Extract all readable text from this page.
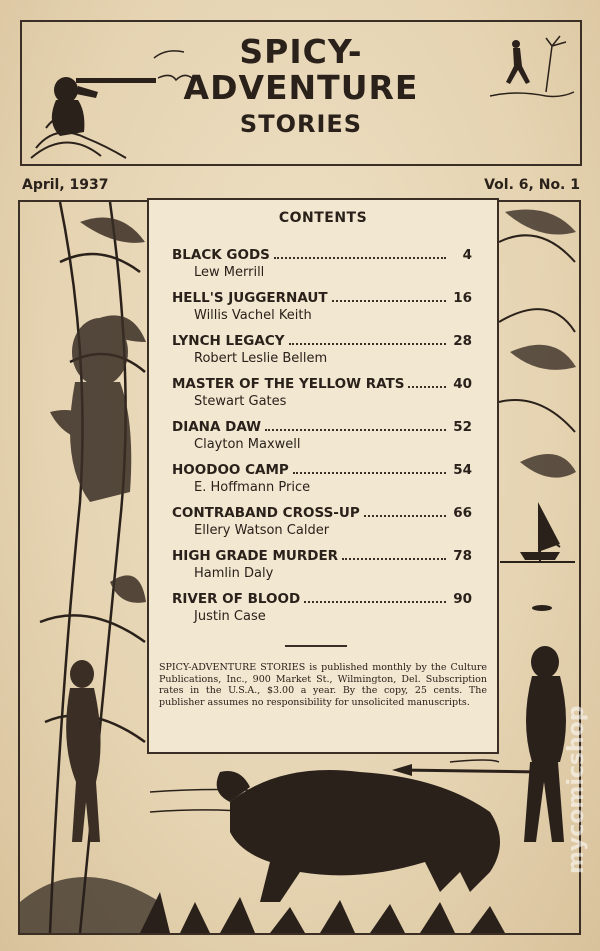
SPICY-
ADVENTURE
STORIES
April, 1937	Vol. 6, No. 1
CONTENTS
BLACK GODS	4
Lew Merrill
HELL'S JUGGERNAUT	16
Willis Vachel Keith
LYNCH LEGACY	28
Robert Leslie Bellem
MASTER OF THE YELLOW RATS	40
Stewart Gates
DIANA DAW	52
Clayton Maxwell
HOODOO CAMP	54
E. Hoffmann Price
CONTRABAND CROSS-UP	66
Ellery Watson Calder
HIGH GRADE MURDER	78
Hamlin Daly
RIVER OF BLOOD	90
Justin Case
SPICY-ADVENTURE STORIES is published monthly by the Culture Publications, Inc., 900 Market St., Wilmington, Del. Subscription rates in the U.S.A., $3.00 a year. By the copy, 25 cents. The publisher assumes no responsibility for unsolicited manuscripts.
mycomicshop
